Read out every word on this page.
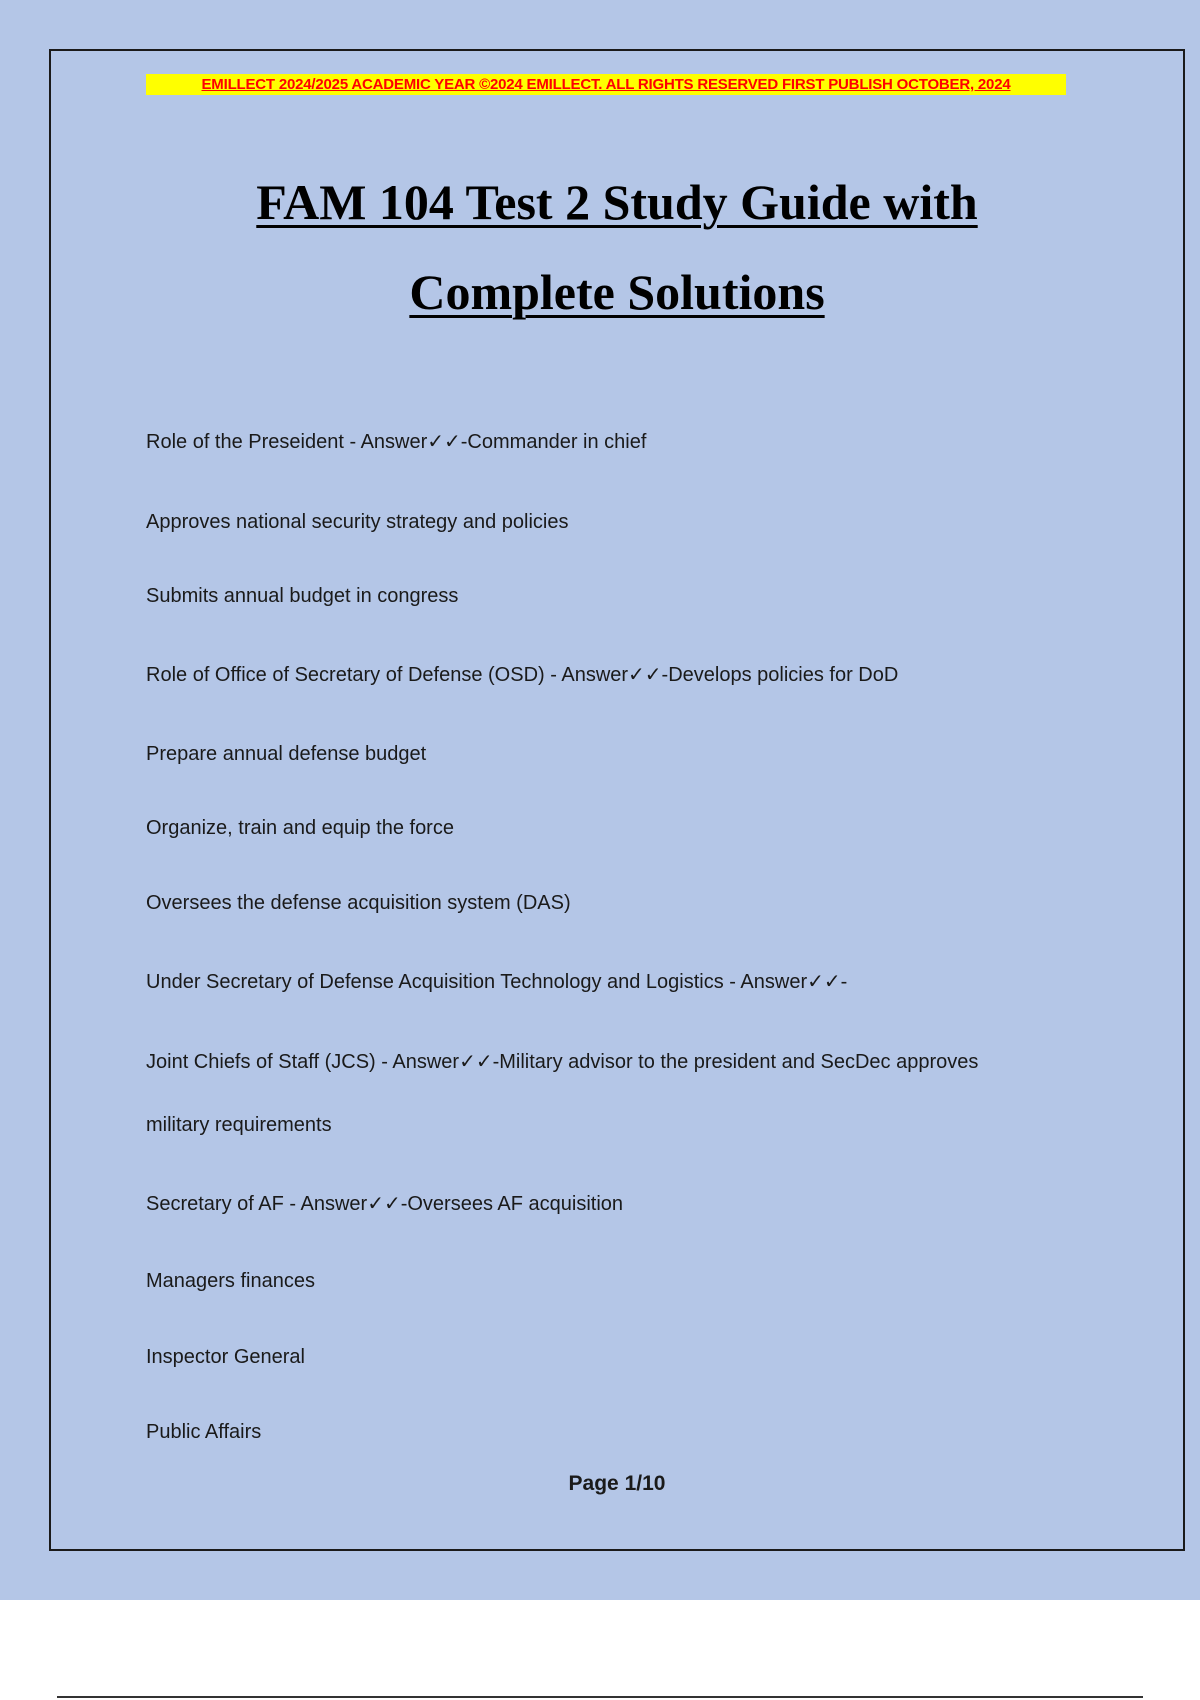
EMILLECT 2024/2025 ACADEMIC YEAR ©2024 EMILLECT. ALL RIGHTS RESERVED FIRST PUBLISH OCTOBER, 2024
FAM 104 Test 2 Study Guide with
Complete Solutions
Role of the Preseident - Answer✓✓-Commander in chief
Approves national security strategy and policies
Submits annual budget in congress
Role of Office of Secretary of Defense (OSD) - Answer✓✓-Develops policies for DoD
Prepare annual defense budget
Organize, train and equip the force
Oversees the defense acquisition system (DAS)
Under Secretary of Defense Acquisition Technology and Logistics - Answer✓✓-
Joint Chiefs of Staff (JCS) - Answer✓✓-Military advisor to the president and SecDec approves
military requirements
Secretary of AF - Answer✓✓-Oversees AF acquisition
Managers finances
Inspector General
Public Affairs
Page 1/10
